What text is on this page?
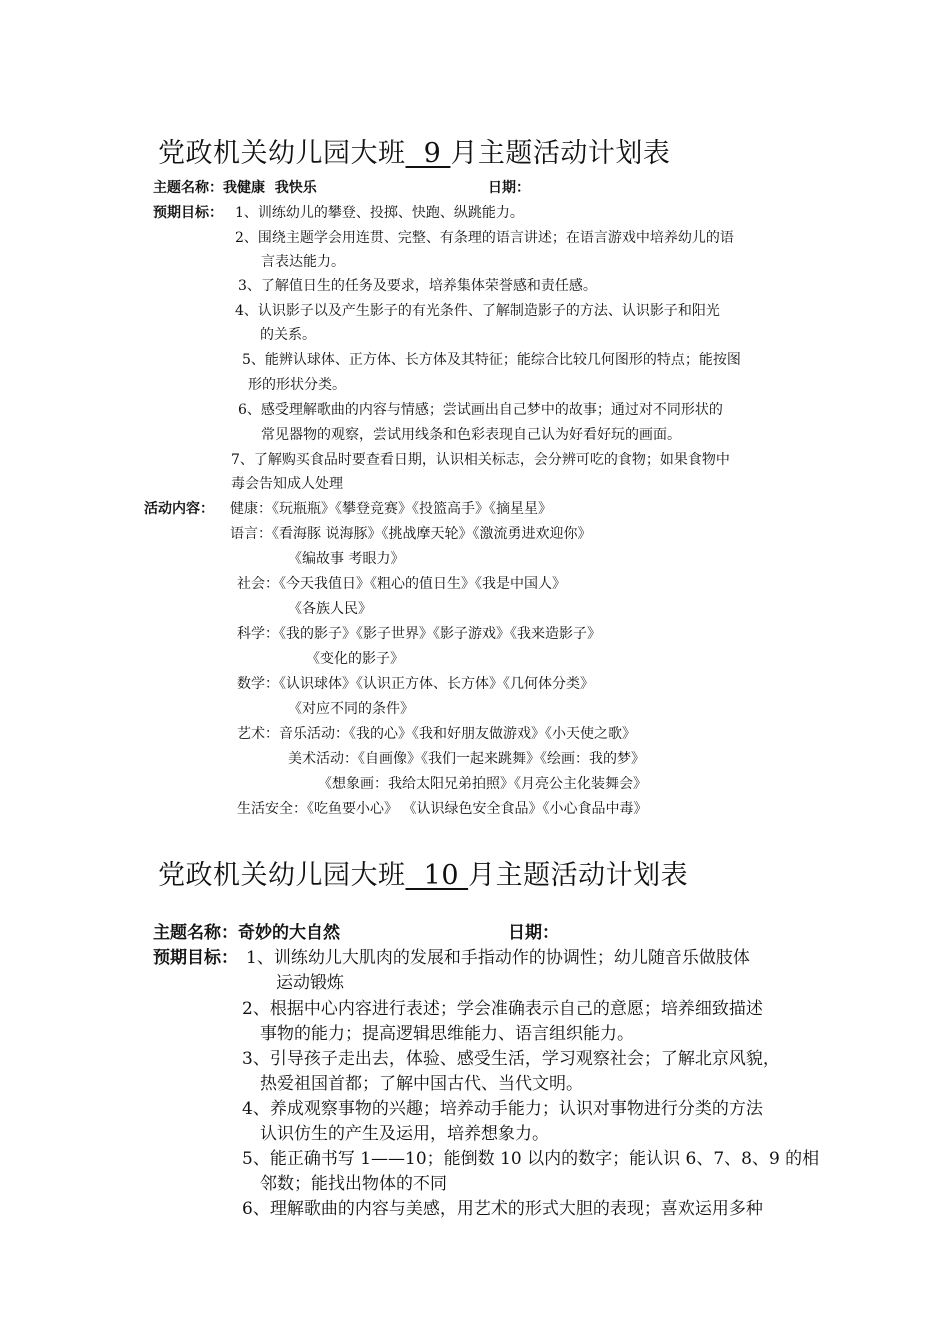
党政机关幼儿园大班  9 月主题活动计划表
主题名称：我健康  我快乐	日期：
预期目标： 1、训练幼儿的攀登、投掷、快跑、纵跳能力。
2、围绕主题学会用连贯、完整、有条理的语言讲述；在语言游戏中培养幼儿的语
言表达能力。
3、了解值日生的任务及要求，培养集体荣誉感和责任感。
4、认识影子以及产生影子的有光条件、了解制造影子的方法、认识影子和阳光
的关系。
5、能辨认球体、正方体、长方体及其特征；能综合比较几何图形的特点；能按图
形的形状分类。
6、感受理解歌曲的内容与情感；尝试画出自己梦中的故事；通过对不同形状的
常见器物的观察，尝试用线条和色彩表现自己认为好看好玩的画面。
7、了解购买食品时要查看日期，认识相关标志，会分辨可吃的食物；如果食物中
毒会告知成人处理
活动内容： 健康：《玩瓶瓶》《攀登竞赛》《投篮高手》《摘星星》
语言：《看海豚 说海豚》《挑战摩天轮》《激流勇进欢迎你》
《编故事 考眼力》
社会：《今天我值日》《粗心的值日生》《我是中国人》
《各族人民》
科学：《我的影子》《影子世界》《影子游戏》《我来造影子》
《变化的影子》
数学：《认识球体》《认识正方体、长方体》《几何体分类》
《对应不同的条件》
艺术：音乐活动：《我的心》《我和好朋友做游戏》《小天使之歌》
美术活动：《自画像》《我们一起来跳舞》《绘画：我的梦》
《想象画：我给太阳兄弟拍照》《月亮公主化装舞会》
生活安全：《吃鱼要小心》 《认识绿色安全食品》《小心食品中毒》
党政机关幼儿园大班  10 月主题活动计划表
主题名称：奇妙的大自然	日期：
预期目标： 1、训练幼儿大肌肉的发展和手指动作的协调性；幼儿随音乐做肢体
运动锻炼
2、根据中心内容进行表述；学会准确表示自己的意愿；培养细致描述
事物的能力；提高逻辑思维能力、语言组织能力。
3、引导孩子走出去，体验、感受生活，学习观察社会；了解北京风貌，
热爱祖国首都；了解中国古代、当代文明。
4、养成观察事物的兴趣；培养动手能力；认识对事物进行分类的方法
认识仿生的产生及运用，培养想象力。
5、能正确书写 1——10；能倒数 10 以内的数字；能认识 6、7、8、9 的相
邻数；能找出物体的不同
6、理解歌曲的内容与美感，用艺术的形式大胆的表现；喜欢运用多种
